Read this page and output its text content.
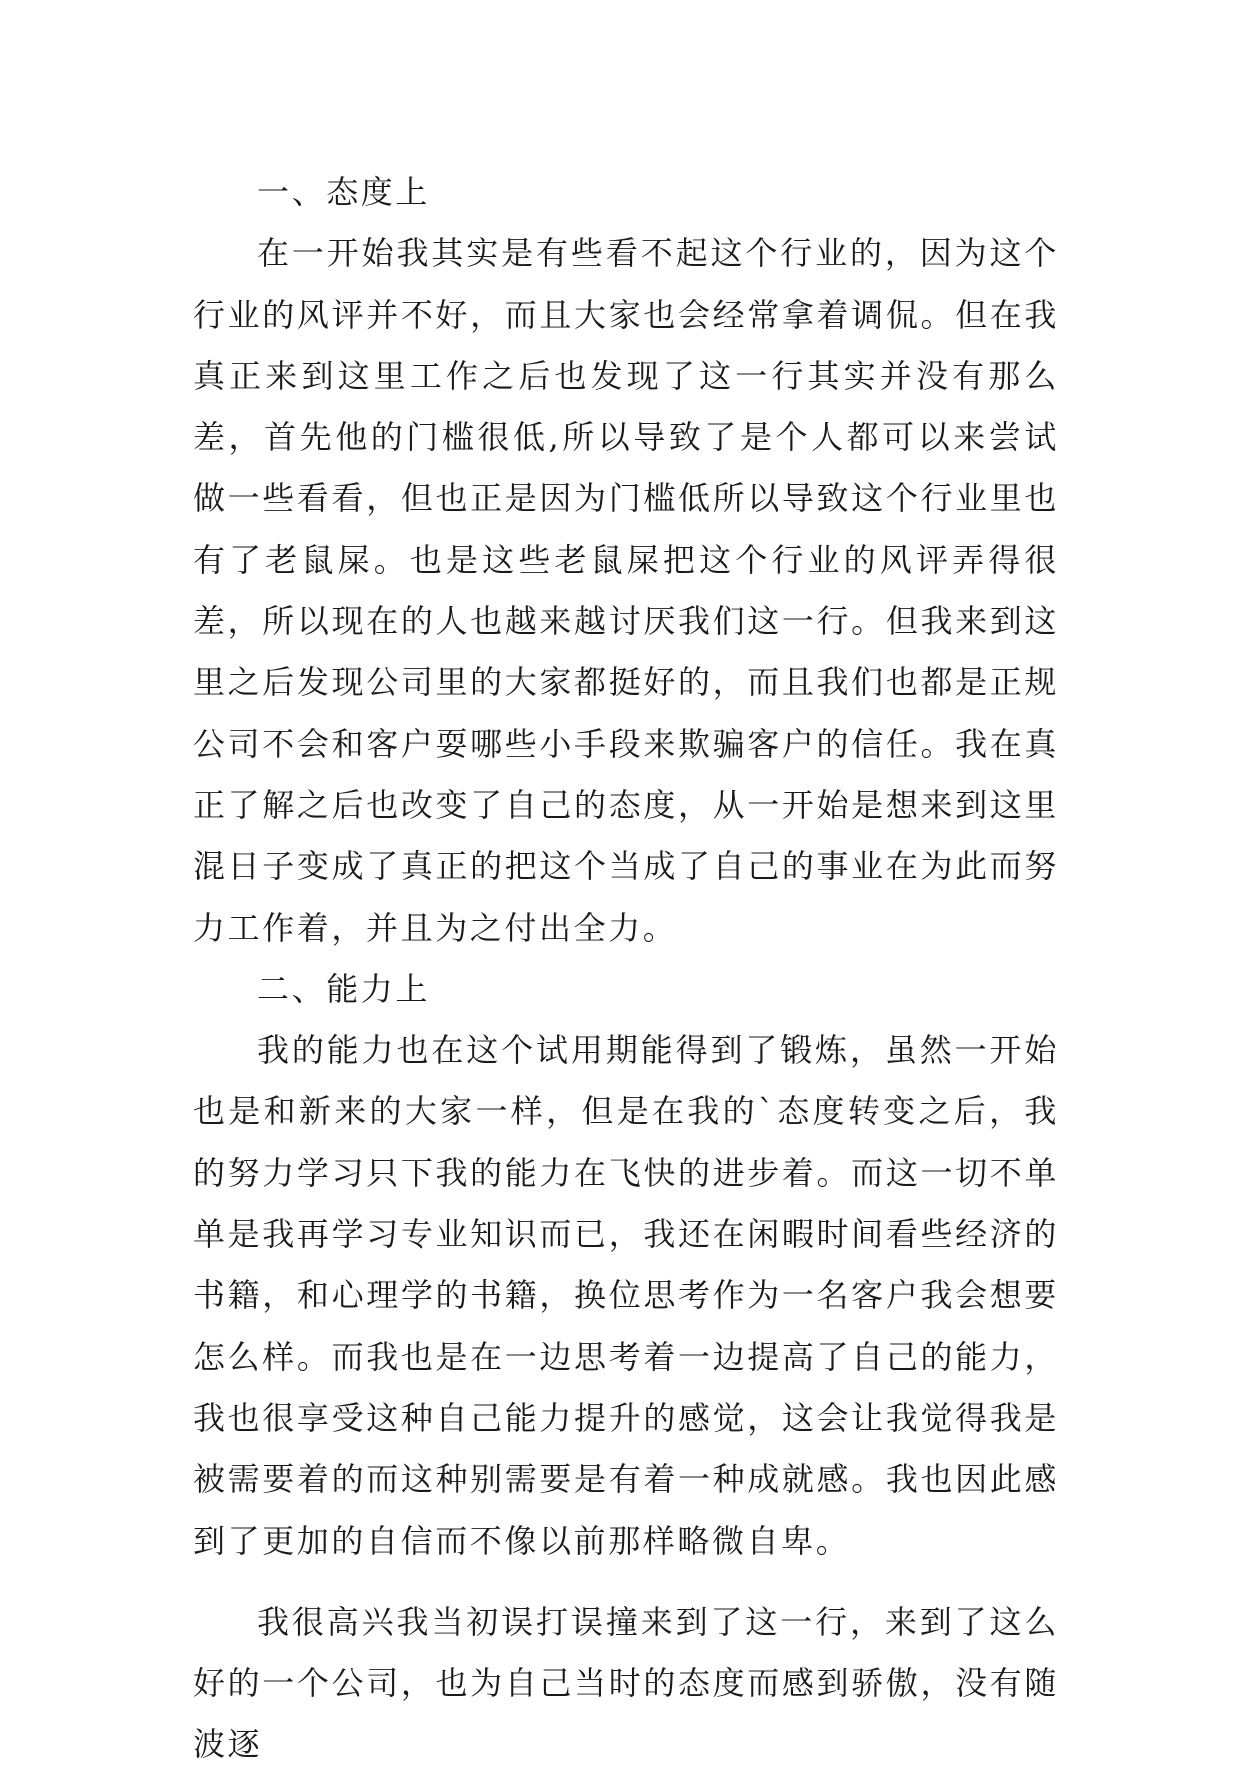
一、态度上

在一开始我其实是有些看不起这个行业的，因为这个行业的风评并不好，而且大家也会经常拿着调侃。但在我真正来到这里工作之后也发现了这一行其实并没有那么差，首先他的门槛很低,所以导致了是个人都可以来尝试做一些看看，但也正是因为门槛低所以导致这个行业里也有了老鼠屎。也是这些老鼠屎把这个行业的风评弄得很差，所以现在的人也越来越讨厌我们这一行。但我来到这里之后发现公司里的大家都挺好的，而且我们也都是正规公司不会和客户耍哪些小手段来欺骗客户的信任。我在真正了解之后也改变了自己的态度，从一开始是想来到这里混日子变成了真正的把这个当成了自己的事业在为此而努力工作着，并且为之付出全力。

二、能力上

我的能力也在这个试用期能得到了锻炼，虽然一开始也是和新来的大家一样，但是在我的`态度转变之后，我的努力学习只下我的能力在飞快的进步着。而这一切不单单是我再学习专业知识而已，我还在闲暇时间看些经济的书籍，和心理学的书籍，换位思考作为一名客户我会想要怎么样。而我也是在一边思考着一边提高了自己的能力，我也很享受这种自己能力提升的感觉，这会让我觉得我是被需要着的而这种别需要是有着一种成就感。我也因此感到了更加的自信而不像以前那样略微自卑。

我很高兴我当初误打误撞来到了这一行，来到了这么好的一个公司，也为自己当时的态度而感到骄傲，没有随波逐
